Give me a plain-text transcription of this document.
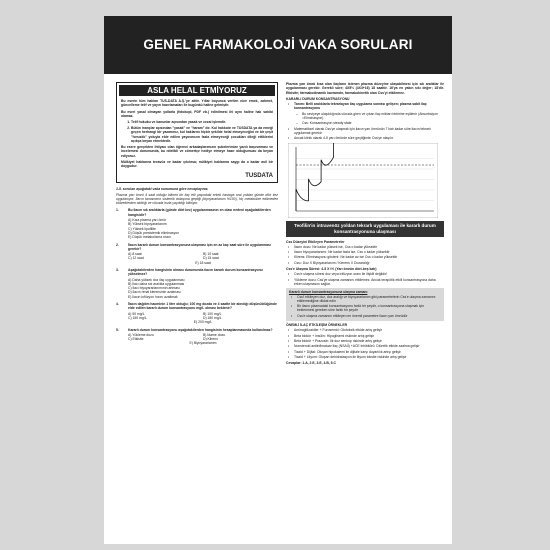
GENEL FARMAKOLOJİ VAKA SORULARI
ASLA HELAL ETMİYORUZ

Bu eserin tüm hakları TUS-DATA A.Ş.'ye aittir. Yıllar boyunca verilen nice emek, zahmet, güncelleme telif ve yayın hazırlamaları ile bugünkü haline gelmiştir.

Bu eseri yasal olmayan yollarla (fotokopi, PDF vb.) edinilmesi ihl aynı haline hak sahibi olamaz.

1. Telif hukuku ve kanunlar açısından yasak ve cezai işlemdir.
2. Bütün inançlar açısından "yasak" ve "haram" dır. Kul hakkıdır ve TUSDATA ya da emeği geçen herhangi bir yazarımız, kul haklarını hiçbir şekilde helal etmeyeceğini ve bir çeşit "hırsızlık" yoluyla elde edilen yayınımızın fazla etmeyeceği çocukları dileği ettiklerini açıkça beyan etmektedir.

Bu esere gerçekten ihtiyacı olan öğrenci arkadaşlarımızın şubelerimize yazılı başvurması ve incelemesi durumunda, bu nitelikli ve cömertçe hediye etmeye hazır olduğumuzu da beyan ediyoruz.

Mülkiyet haklarına tecavüz ve kadar çıkılırsa; mülkiyet haklarına saygı da o kadar asil bir duygudur.

TUSDATA

1-5. soruları aşağıdaki vaka sunumuna göre cevaplayınız.

Plazma yarı ömrü 4 saat olduğu bilinen bir ilaç etli yaşındaki erkek hastaya oral yoldan günde dört kez uygulanıyor. İlacın tamamının sistemik dolaşıma geçtiği (biyoyararlanım %100), hiç metabolize edilmeden böbreklerden atıldığı ve vücuda hızla yayıldığı biliniyor.

1.	Bu ilacın sık aralıklarla (günde dört kez) uygulanmasının en olası nedeni aşağıdakilerden hangisidir?
A) Kısa plazma yarı ömür
B) Yüksek biyoyararlanım
C) Yüksek lipofilite
D) Düşük presistemik eliminasyon
E) Düşük metabolizma oranı
2.	İlacın kararlı durum konsantrasyonuna ulaşması için en az kaç saat süre ile uygulanması gerekir?
A) 8 saat	B) 10 saat
C) 12 saat	D) 15 saat
E) 18 saat
3.	Aşağıdakilerden hangisinin olması durumunda ilacın kararlı durum konsantrasyonu yükselmez?
A) Daha yüksek doz ilaç uygulanması
B) İlacı daha sık aralıkla uygulanması
C) İlacı biyoyararlanımının artması
D) İlacın renal klerensinin azalması
E) İlacın infüzyon hızını azaltmak
4.	İlacın dağılım hacminin 1 litre olduğu; 100 mg dozda ve 4 saatte bir alındığı düşünüldüğünde elde edilen kararlı durum konsantrasyonu mg/L olması beklenir?
A) 50 mg/L	B) 100 mg/L
C) 150 mg/L	D) 180 mg/L
E) 200 mg/L
5.	Kararlı durum konsantrasyonu aşağıdakilerden hangisinin hesaplanmasında kullanılmaz?
A) Yükleme dozu	B) İdame dozu
C) Etkisite	D) Klirens
E) Biyoyararlanım

Plazma yarı ömrü kısa olan ilaçların istenen plazma düzeyine ulaşabilmesi için sık aralıklar ile uygulanması gerekir. Gerekli süre; 4X5½ (4X4+16) 18 saattir. 16'ya en yakın sıkı değer; 18'dir. Etkisite; farmakodinamik kavramdır, farmakokinetik olan Css'yi etkilemez.

KARARLI DURUM KONSANTRASYONU
•	Tanım: Belli aralıklarla tekrarlayan ilaç uygulama sonrası gelişen; plazma sabit ilaç konsantrasyonu
–	Bu seviyeye ulaşıldığında vücuda giren ve çıkan ilaç miktarı birbirine eşitlenir (Absorbsiyon =Eliminasyon)
–	Css: Konsantrasyon steady state
•	Matematiksel olarak Css'ye ulaşmak için ilacın yarı ömrünün 7 katı kadar süre ilacın tekrarlı uygulamak gerekir.
•	Ancak klinik olarak 4-5 yarı ömürde süre geçtiğinde Css'ye ulaşılır.
Teofilin'in intravenöz yoldan tekrarlı uygulaması ile kararlı durum konsantrasyonuna ulaşması
Css Düzeyini Etkileyen Parametreler
•	İlacın dozu: Ne kadar yüksek ise, Css o kadar yüksektir
•	İlacın biyoyararlanımı: Ne kadar fazla ise, Css o kadar yüksektir
•	Klirens: Eliminasyonu gösterir. Ne kadar az ise Css o kadar yüksektir
•	Css= Doz X Biyoyararlanım / Klerens X Dozaralığı
Css'e Ulaşma Süresi: 4-5 X t½ (Yarı ömrün dört-beş katı)
•	Css'e ulaşma süresi doz veya infüzyon oranı ile ilişkili değildir!
•	Yükleme dozu; Css'ye ulaşma zamanını etkilemez. Ancak terapötik etkili konsantrasyona daha erken ulaşmasını sağlar.
Kararlı durum konsantrasyonuna ulaşma zamanı
•	Css'i etkileyen doz, doz aralığı ve biyoyararlanım gibi parametrelerin Css'e ulaşma zamanını etkilemediğine dikkat edin
•	Bir ilacın plazmadaki konsantrasyonu farklı bir şeydir, o konsantrasyona ulaşmak için beklenmesi gereken süre farklı bir şeydir
•	Css'e ulaşma zamanını etkileyen en önemli parametre ilacın yarı ömrüdür
ÖNEMLİ İLAÇ ETKİLEŞİM ÖRNEKLER
•	Aminoglikozidler + Furosemid: Ototoksik etkide artış gelişir
•	Beta blokör + İnsülin: Hipoglisemi riskinde artış gelişir
•	Beta blokör + Prazosin: İlk doz senkop riskinde artış gelişir
•	Nonsteroid antiinflmatuar ilaç (NSAİİ) +ACE inhibitörü: Diüretik etkide azalma gelişir
•	Tiazid + Dijital: Oluşan hipokalemi ile dijitale karşı duyarlılık artışı gelişir
•	Tiazid + Lityum: Oluşan dehidratasyon ile lityum toksite riskinde artış gelişir
Cevaplar: 1.A, 2.E, 3.E, 4.B, 5.C
